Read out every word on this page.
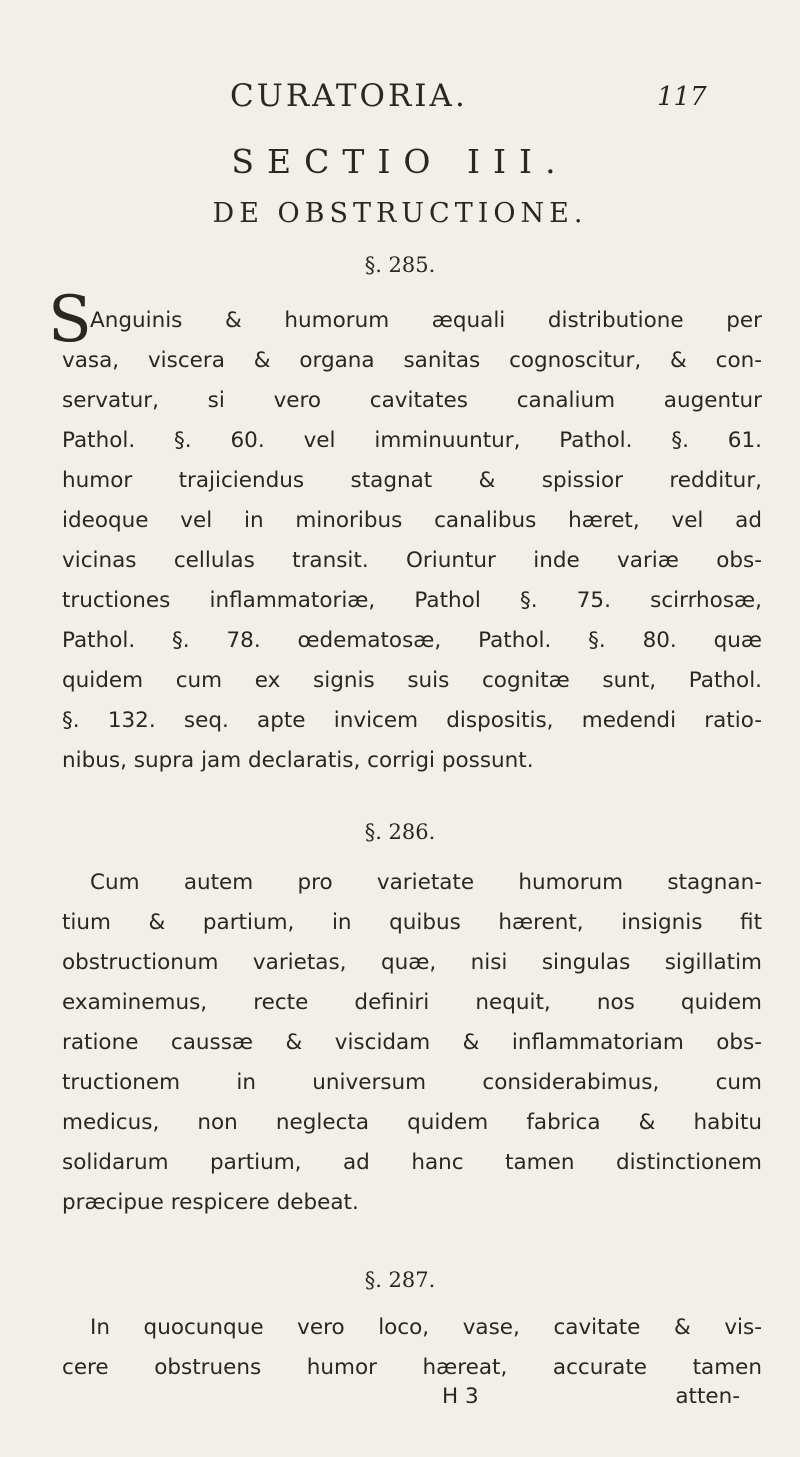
CURATORIA.	117
SECTIO III.
DE OBSTRUCTIONE.
§. 285.
S
Anguinis & humorum æquali distributione per
vasa, viscera & organa sanitas cognoscitur, & con-
servatur, si vero cavitates canalium augentur
Pathol. §. 60. vel imminuuntur, Pathol. §. 61.
humor trajiciendus stagnat & spissior redditur,
ideoque vel in minoribus canalibus hæret, vel ad
vicinas cellulas transit. Oriuntur inde variæ obs-
tructiones inflammatoriæ, Pathol §. 75. scirrhosæ,
Pathol. §. 78. œdematosæ, Pathol. §. 80. quæ
quidem cum ex signis suis cognitæ sunt, Pathol.
§. 132. seq. apte invicem dispositis, medendi ratio-
nibus, supra jam declaratis, corrigi possunt.
§. 286.
Cum autem pro varietate humorum stagnan-
tium & partium, in quibus hærent, insignis fit
obstructionum varietas, quæ, nisi singulas sigillatim
examinemus, recte definiri nequit, nos quidem
ratione caussæ & viscidam & inflammatoriam obs-
tructionem in universum considerabimus, cum
medicus, non neglecta quidem fabrica & habitu
solidarum partium, ad hanc tamen distinctionem
præcipue respicere debeat.
§. 287.
In quocunque vero loco, vase, cavitate & vis-
cere obstruens humor hæreat, accurate tamen
H 3	atten-
